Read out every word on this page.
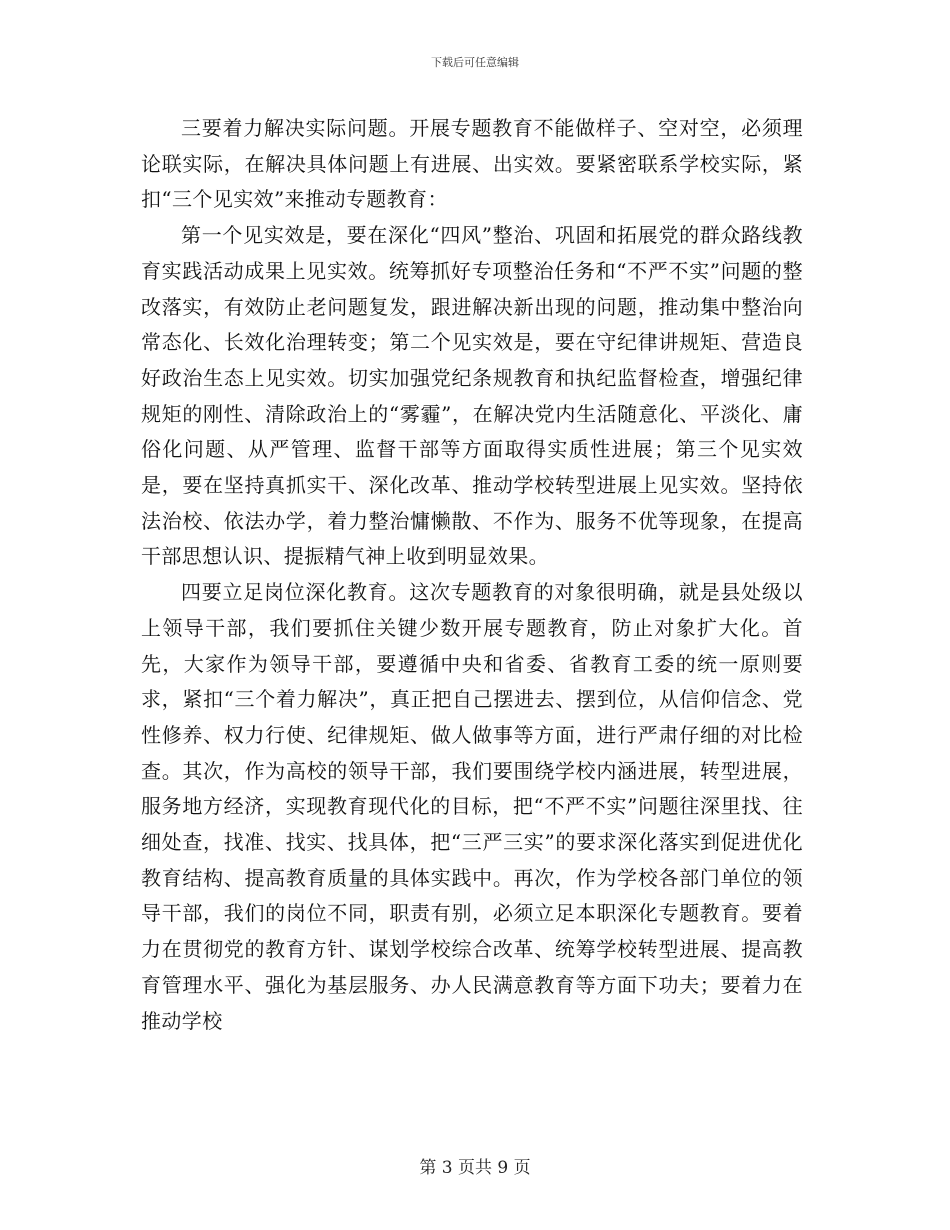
下载后可任意编辑

三要着力解决实际问题。开展专题教育不能做样子、空对空，必须理论联实际，在解决具体问题上有进展、出实效。要紧密联系学校实际，紧扣“三个见实效”来推动专题教育：

第一个见实效是，要在深化“四风”整治、巩固和拓展党的群众路线教育实践活动成果上见实效。统筹抓好专项整治任务和“不严不实”问题的整改落实，有效防止老问题复发，跟进解决新出现的问题，推动集中整治向常态化、长效化治理转变；第二个见实效是，要在守纪律讲规矩、营造良好政治生态上见实效。切实加强党纪条规教育和执纪监督检查，增强纪律规矩的刚性、清除政治上的“雾霾”，在解决党内生活随意化、平淡化、庸俗化问题、从严管理、监督干部等方面取得实质性进展；第三个见实效是，要在坚持真抓实干、深化改革、推动学校转型进展上见实效。坚持依法治校、依法办学，着力整治慵懒散、不作为、服务不优等现象，在提高干部思想认识、提振精气神上收到明显效果。

四要立足岗位深化教育。这次专题教育的对象很明确，就是县处级以上领导干部，我们要抓住关键少数开展专题教育，防止对象扩大化。首先，大家作为领导干部，要遵循中央和省委、省教育工委的统一原则要求，紧扣“三个着力解决”，真正把自己摆进去、摆到位，从信仰信念、党性修养、权力行使、纪律规矩、做人做事等方面，进行严肃仔细的对比检查。其次，作为高校的领导干部，我们要围绕学校内涵进展，转型进展，服务地方经济，实现教育现代化的目标，把“不严不实”问题往深里找、往细处查，找准、找实、找具体，把“三严三实”的要求深化落实到促进优化教育结构、提高教育质量的具体实践中。再次，作为学校各部门单位的领导干部，我们的岗位不同，职责有别，必须立足本职深化专题教育。要着力在贯彻党的教育方针、谋划学校综合改革、统筹学校转型进展、提高教育管理水平、强化为基层服务、办人民满意教育等方面下功夫；要着力在推动学校

第 3 页共 9 页
